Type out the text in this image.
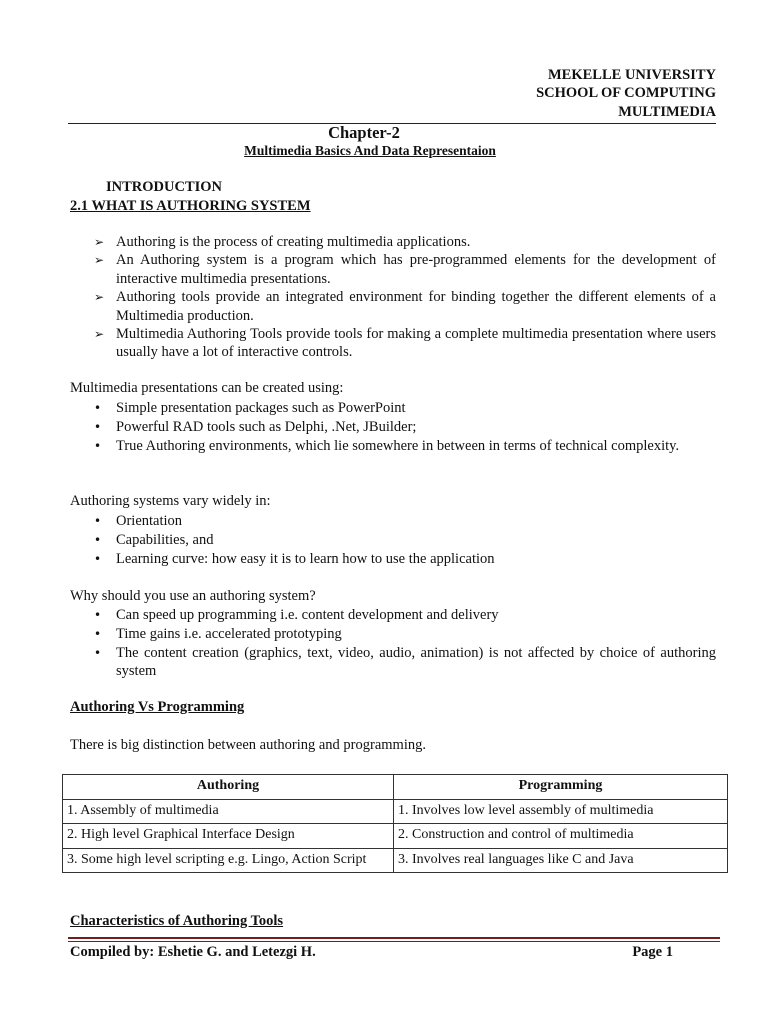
MEKELLE UNIVERSITY
SCHOOL OF COMPUTING
MULTIMEDIA
Chapter-2
Multimedia Basics And Data Representaion
INTRODUCTION
2.1 WHAT IS AUTHORING SYSTEM
➢ Authoring is the process of creating multimedia applications.
➢ An Authoring system is a program which has pre-programmed elements for the development of interactive multimedia presentations.
➢ Authoring tools provide an integrated environment for binding together the different elements of a Multimedia production.
➢ Multimedia Authoring Tools provide tools for making a complete multimedia presentation where users usually have a lot of interactive controls.
Multimedia presentations can be created using:
•	Simple presentation packages such as PowerPoint
•	Powerful RAD tools such as Delphi, .Net, JBuilder;
•	True Authoring environments, which lie somewhere in between in terms of technical complexity.
Authoring systems vary widely in:
•	Orientation
•	Capabilities, and
•	Learning curve: how easy it is to learn how to use the application
Why should you use an authoring system?
•	Can speed up programming i.e. content development and delivery
•	Time gains i.e. accelerated prototyping
•	The content creation (graphics, text, video, audio, animation) is not affected by choice of authoring system
Authoring Vs Programming
There is big distinction between authoring and programming.
Authoring	Programming
1. Assembly of multimedia	1. Involves low level assembly of multimedia
2. High level Graphical Interface Design	2. Construction and control of multimedia
3. Some high level scripting e.g. Lingo, Action Script	3. Involves real languages like C and Java
Characteristics of Authoring Tools
Compiled by: Eshetie G. and Letezgi H.	Page 1
